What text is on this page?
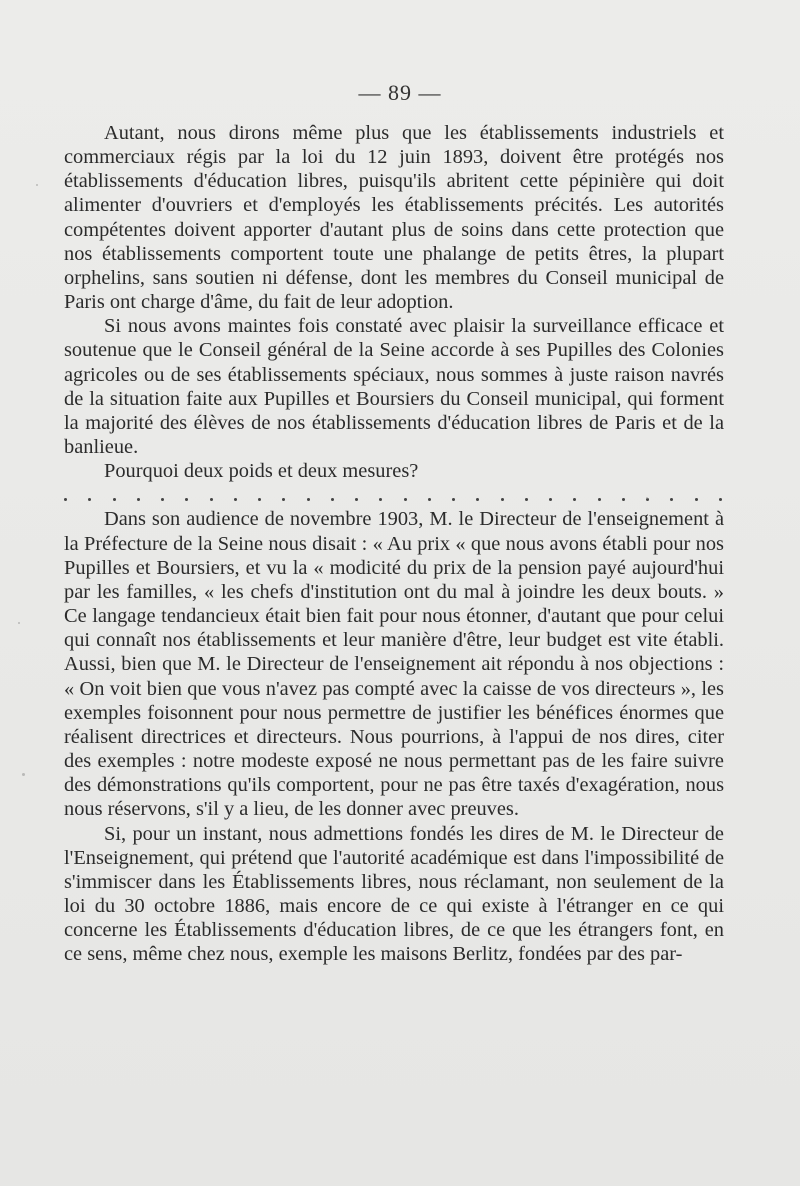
— 89 —

Autant, nous dirons même plus que les établissements industriels et commerciaux régis par la loi du 12 juin 1893, doivent être protégés nos établissements d'éducation libres, puisqu'ils abritent cette pépinière qui doit alimenter d'ouvriers et d'employés les établissements précités. Les autorités compétentes doivent apporter d'autant plus de soins dans cette protection que nos établissements comportent toute une phalange de petits êtres, la plupart orphelins, sans soutien ni défense, dont les membres du Conseil municipal de Paris ont charge d'âme, du fait de leur adoption.

Si nous avons maintes fois constaté avec plaisir la surveillance efficace et soutenue que le Conseil général de la Seine accorde à ses Pupilles des Colonies agricoles ou de ses établissements spéciaux, nous sommes à juste raison navrés de la situation faite aux Pupilles et Boursiers du Conseil municipal, qui forment la majorité des élèves de nos établissements d'éducation libres de Paris et de la banlieue.

Pourquoi deux poids et deux mesures?

Dans son audience de novembre 1903, M. le Directeur de l'enseignement à la Préfecture de la Seine nous disait : « Au prix « que nous avons établi pour nos Pupilles et Boursiers, et vu la « modicité du prix de la pension payé aujourd'hui par les familles, « les chefs d'institution ont du mal à joindre les deux bouts. » Ce langage tendancieux était bien fait pour nous étonner, d'autant que pour celui qui connaît nos établissements et leur manière d'être, leur budget est vite établi. Aussi, bien que M. le Directeur de l'enseignement ait répondu à nos objections : « On voit bien que vous n'avez pas compté avec la caisse de vos directeurs », les exemples foisonnent pour nous permettre de justifier les bénéfices énormes que réalisent directrices et directeurs. Nous pourrions, à l'appui de nos dires, citer des exemples : notre modeste exposé ne nous permettant pas de les faire suivre des démonstrations qu'ils comportent, pour ne pas être taxés d'exagération, nous nous réservons, s'il y a lieu, de les donner avec preuves.

Si, pour un instant, nous admettions fondés les dires de M. le Directeur de l'Enseignement, qui prétend que l'autorité académique est dans l'impossibilité de s'immiscer dans les Établissements libres, nous réclamant, non seulement de la loi du 30 octobre 1886, mais encore de ce qui existe à l'étranger en ce qui concerne les Établissements d'éducation libres, de ce que les étrangers font, en ce sens, même chez nous, exemple les maisons Berlitz, fondées par des par-
